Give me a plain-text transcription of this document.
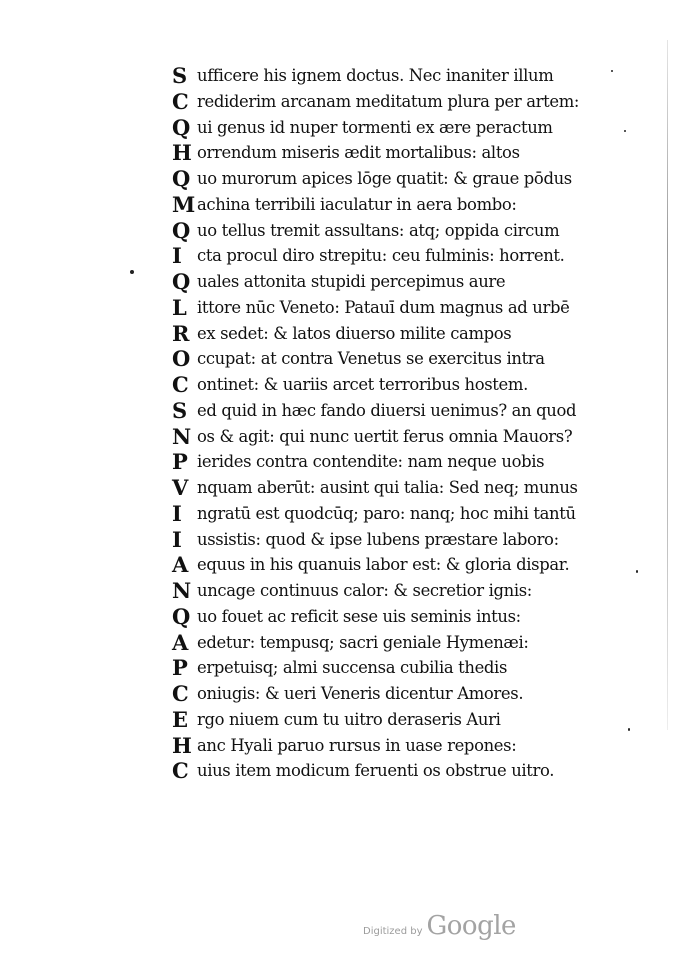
S ufficere his ignem doctus. Nec inaniter illum
C rediderim arcanam meditatum plura per artem:
Q ui genus id nuper tormenti ex ære peractum
H orrendum miseris ædit mortalibus: altos
Q uo murorum apices lōge quatit: & graue pōdus
M achina terribili iaculatur in aera bombo:
Q uo tellus tremit assultans: atq; oppida circum
I cta procul diro strepitu: ceu fulminis: horrent.
Q uales attonita stupidi percepimus aure
L ittore nūc Veneto: Patauī dum magnus ad urbē
R ex sedet: & latos diuerso milite campos
O ccupat: at contra Venetus se exercitus intra
C ontinet: & uariis arcet terroribus hostem.
S ed quid in hæc fando diuersi uenimus? an quod
N os & agit: qui nunc uertit ferus omnia Mauors?
P ierides contra contendite: nam neque uobis
V nquam aberūt: ausint qui talia: Sed neq; munus
I ngratū est quodcūq; paro: nanq; hoc mihi tantū
I ussistis: quod & ipse lubens præstare laboro:
A equus in his quanuis labor est: & gloria dispar.
N uncage continuus calor: & secretior ignis:
Q uo fouet ac reficit sese uis seminis intus:
A edetur: tempusq; sacri geniale Hymenæi:
P erpetuisq; almi succensa cubilia thedis
C oniugis: & ueri Veneris dicentur Amores.
E rgo niuem cum tu uitro deraseris Auri
H anc Hyali paruo rursus in uase repones:
C uius item modicum feruenti os obstrue uitro.
Digitized by Google
